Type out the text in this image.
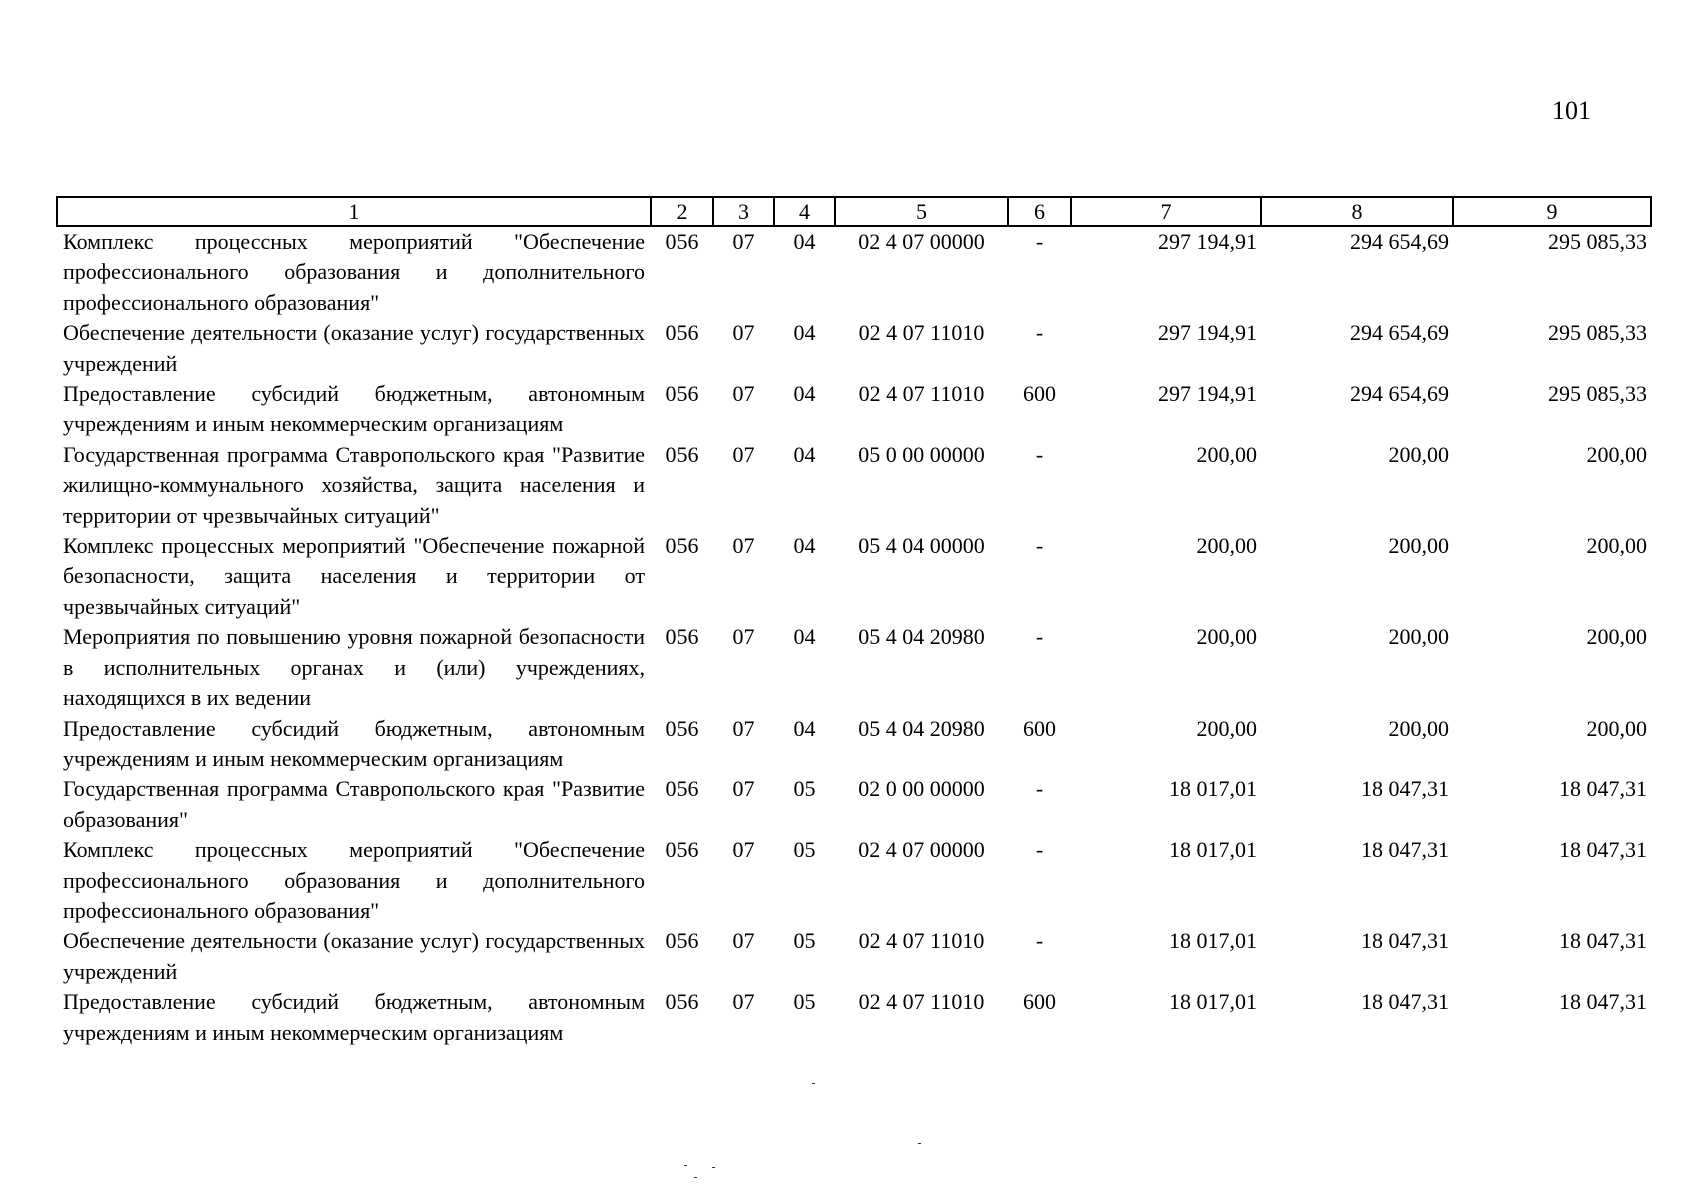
101
1	2	3	4	5	6	7	8	9
Комплекс процессных мероприятий "Обеспечение профессионального образования и дополнительного профессионального образования"	056	07	04	02 4 07 00000	-	297 194,91	294 654,69	295 085,33
Обеспечение деятельности (оказание услуг) государственных учреждений	056	07	04	02 4 07 11010	-	297 194,91	294 654,69	295 085,33
Предоставление субсидий бюджетным, автономным учреждениям и иным некоммерческим организациям	056	07	04	02 4 07 11010	600	297 194,91	294 654,69	295 085,33
Государственная программа Ставропольского края "Развитие жилищно-коммунального хозяйства, защита населения и территории от чрезвычайных ситуаций"	056	07	04	05 0 00 00000	-	200,00	200,00	200,00
Комплекс процессных мероприятий "Обеспечение пожарной безопасности, защита населения и территории от чрезвычайных ситуаций"	056	07	04	05 4 04 00000	-	200,00	200,00	200,00
Мероприятия по повышению уровня пожарной безопасности в исполнительных органах и (или) учреждениях, находящихся в их ведении	056	07	04	05 4 04 20980	-	200,00	200,00	200,00
Предоставление субсидий бюджетным, автономным учреждениям и иным некоммерческим организациям	056	07	04	05 4 04 20980	600	200,00	200,00	200,00
Государственная программа Ставропольского края "Развитие образования"	056	07	05	02 0 00 00000	-	18 017,01	18 047,31	18 047,31
Комплекс процессных мероприятий "Обеспечение профессионального образования и дополнительного профессионального образования"	056	07	05	02 4 07 00000	-	18 017,01	18 047,31	18 047,31
Обеспечение деятельности (оказание услуг) государственных учреждений	056	07	05	02 4 07 11010	-	18 017,01	18 047,31	18 047,31
Предоставление субсидий бюджетным, автономным учреждениям и иным некоммерческим организациям	056	07	05	02 4 07 11010	600	18 017,01	18 047,31	18 047,31
